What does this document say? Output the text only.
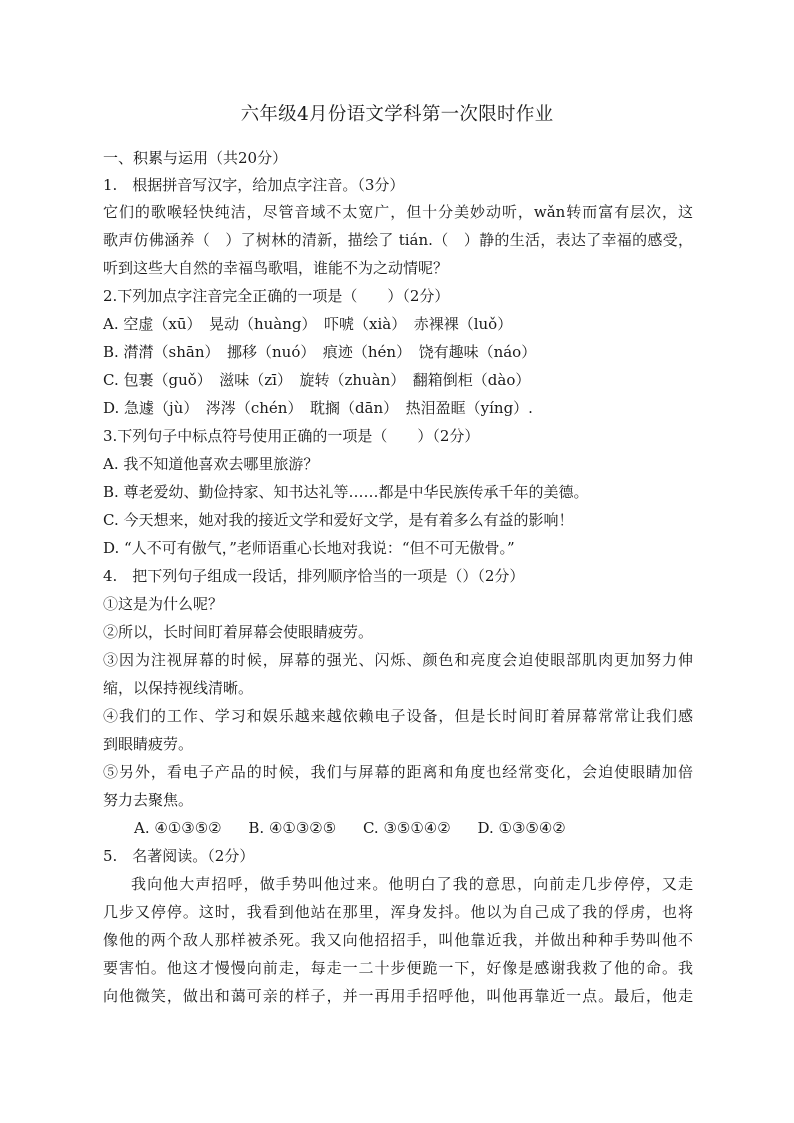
六年级4月份语文学科第一次限时作业
一、积累与运用（共20分）
1.　根据拼音写汉字，给加点字注音。（3分）
它们的歌喉轻快纯洁，尽管音域不太宽广，但十分美妙动听，wǎn转而富有层次，这
歌声仿佛涵养（　）了树林的清新，描绘了 tián.（　）静的生活，表达了幸福的感受，
听到这些大自然的幸福鸟歌唱，谁能不为之动情呢？
2.下列加点字注音完全正确的一项是（　　）（2分）
A. 空虚（xū）　晃动（huàng）　吓唬（xià）　赤裸裸（luǒ）
B. 潸潸（shān）　挪移（nuó）　痕迹（hén）　饶有趣味（náo）
C. 包裹（guǒ）　滋味（zī）　旋转（zhuàn）　翻箱倒柜（dào）
D. 急遽（jù）　涔涔（chén）　耽搁（dān）　热泪盈眶（yíng）.
3.下列句子中标点符号使用正确的一项是（　　）（2分）
A. 我不知道他喜欢去哪里旅游？
B. 尊老爱幼、勤俭持家、知书达礼等……都是中华民族传承千年的美德。
C. 今天想来，她对我的接近文学和爱好文学，是有着多么有益的影响！
D. “人不可有傲气，”老师语重心长地对我说：“但不可无傲骨。”
4.　把下列句子组成一段话，排列顺序恰当的一项是（）（2分）
①这是为什么呢？
②所以，长时间盯着屏幕会使眼睛疲劳。
③因为注视屏幕的时候，屏幕的强光、闪烁、颜色和亮度会迫使眼部肌肉更加努力伸
缩，以保持视线清晰。
④我们的工作、学习和娱乐越来越依赖电子设备，但是长时间盯着屏幕常常让我们感
到眼睛疲劳。
⑤另外，看电子产品的时候，我们与屏幕的距离和角度也经常变化，会迫使眼睛加倍
努力去聚焦。
A. ④①③⑤② B. ④①③②⑤ C. ③⑤①④② D. ①③⑤④②
5.　名著阅读。（2分）
我向他大声招呼，做手势叫他过来。他明白了我的意思，向前走几步停停，又走
几步又停停。这时，我看到他站在那里，浑身发抖。他以为自己成了我的俘虏，也将
像他的两个敌人那样被杀死。我又向他招招手，叫他靠近我，并做出种种手势叫他不
要害怕。他这才慢慢向前走，每走一二十步便跪一下，好像是感谢我救了他的命。我
向他微笑，做出和蔼可亲的样子，并一再用手招呼他，叫他再靠近一点。最后，他走
